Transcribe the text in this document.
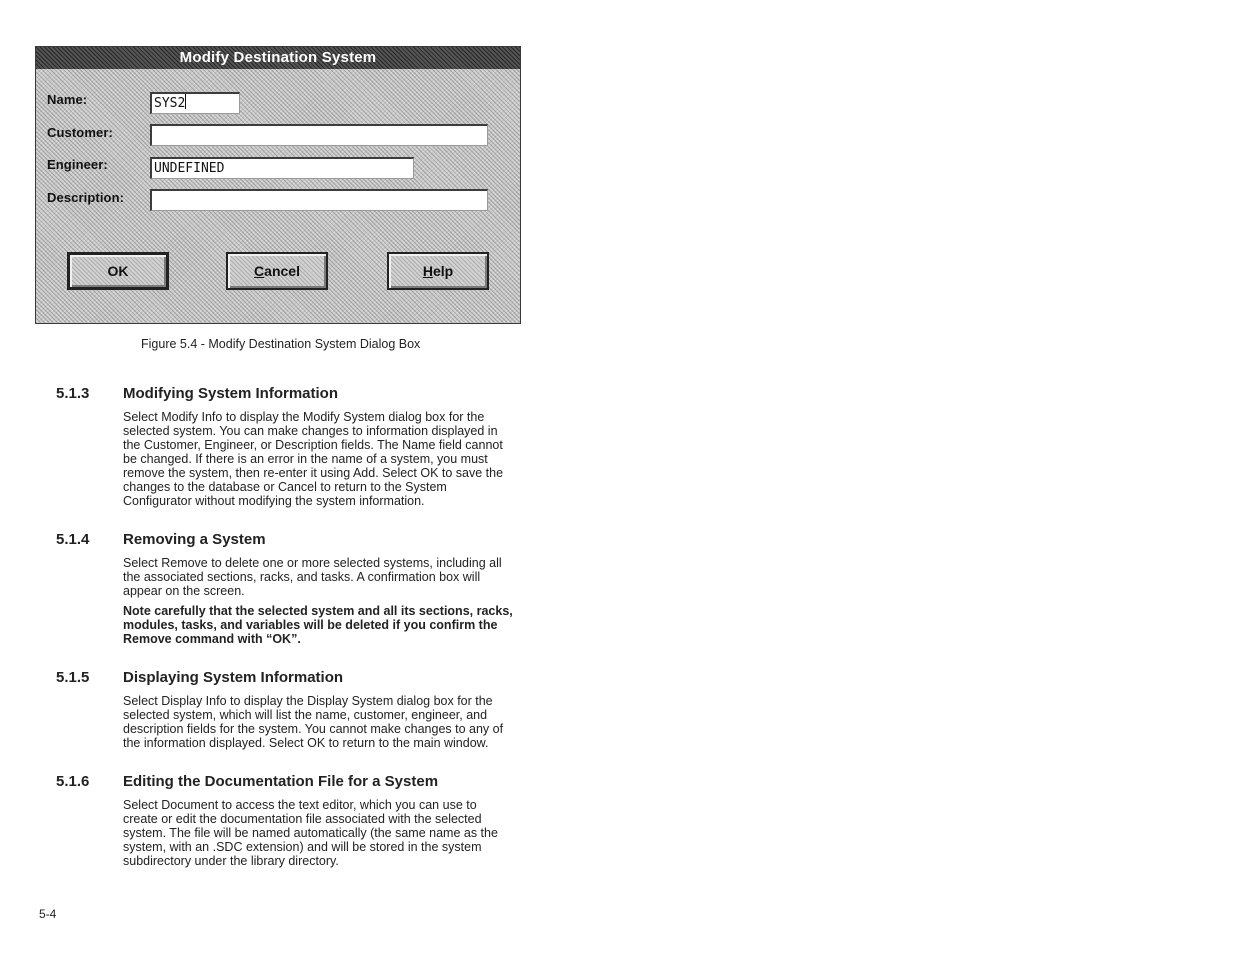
Modify Destination System
Name:	SYS2
Customer:
Engineer:	UNDEFINED
Description:
OK	Cancel	Help
Figure 5.4 - Modify Destination System Dialog Box
5.1.3 Modifying System Information

Select Modify Info to display the Modify System dialog box for the selected system. You can make changes to information displayed in the Customer, Engineer, or Description fields. The Name field cannot be changed. If there is an error in the name of a system, you must remove the system, then re-enter it using Add. Select OK to save the changes to the database or Cancel to return to the System Configurator without modifying the system information.

5.1.4 Removing a System

Select Remove to delete one or more selected systems, including all the associated sections, racks, and tasks. A confirmation box will appear on the screen.

Note carefully that the selected system and all its sections, racks, modules, tasks, and variables will be deleted if you confirm the Remove command with “OK”.

5.1.5 Displaying System Information

Select Display Info to display the Display System dialog box for the selected system, which will list the name, customer, engineer, and description fields for the system. You cannot make changes to any of the information displayed. Select OK to return to the main window.

5.1.6 Editing the Documentation File for a System

Select Document to access the text editor, which you can use to create or edit the documentation file associated with the selected system. The file will be named automatically (the same name as the system, with an .SDC extension) and will be stored in the system subdirectory under the library directory.

5-4
